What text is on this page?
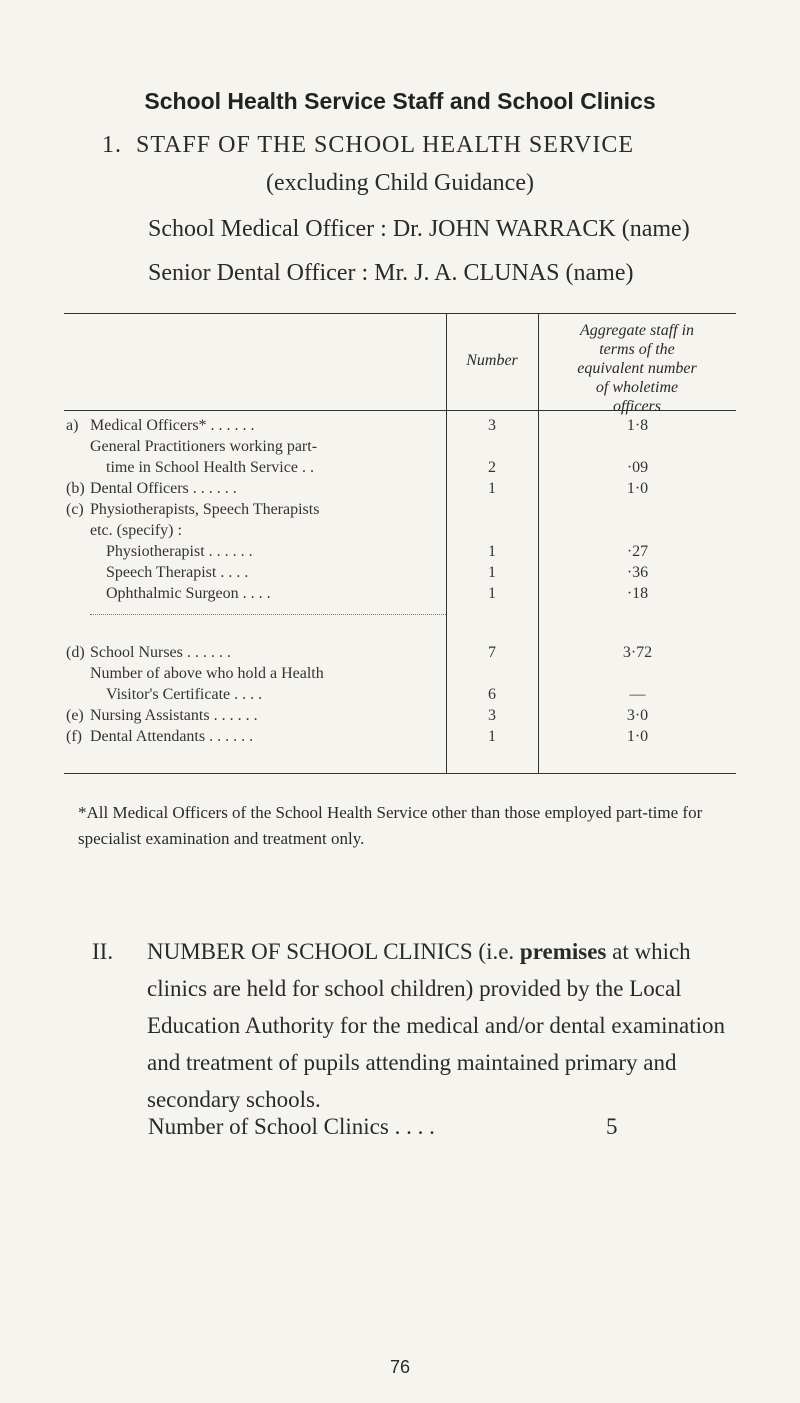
School Health Service Staff and School Clinics
1. STAFF OF THE SCHOOL HEALTH SERVICE
(excluding Child Guidance)
School Medical Officer : Dr. JOHN WARRACK (name)
Senior Dental Officer : Mr. J. A. CLUNAS (name)
Number
Aggregate staff in
terms of the
equivalent number
of wholetime
officers
a) Medical Officers* . . . . . .	3	1·8
General Practitioners working part-
time in School Health Service . .	2	·09
(b) Dental Officers . . . . . .	1	1·0
(c) Physiotherapists, Speech Therapists
etc. (specify) :
Physiotherapist . . . . . .	1	·27
Speech Therapist . . . .	1	·36
Ophthalmic Surgeon . . . .	1	·18
(d) School Nurses . . . . . .	7	3·72
Number of above who hold a Health
Visitor's Certificate . . . .	6	—
(e) Nursing Assistants . . . . . .	3	3·0
(f) Dental Attendants . . . . . .	1	1·0
*All Medical Officers of the School Health Service other than those employed part-time for specialist examination and treatment only.
II. NUMBER OF SCHOOL CLINICS (i.e. premises at which clinics are held for school children) provided by the Local Education Authority for the medical and/or dental examination and treatment of pupils attending maintained primary and secondary schools.
Number of School Clinics . . . .	5
76
